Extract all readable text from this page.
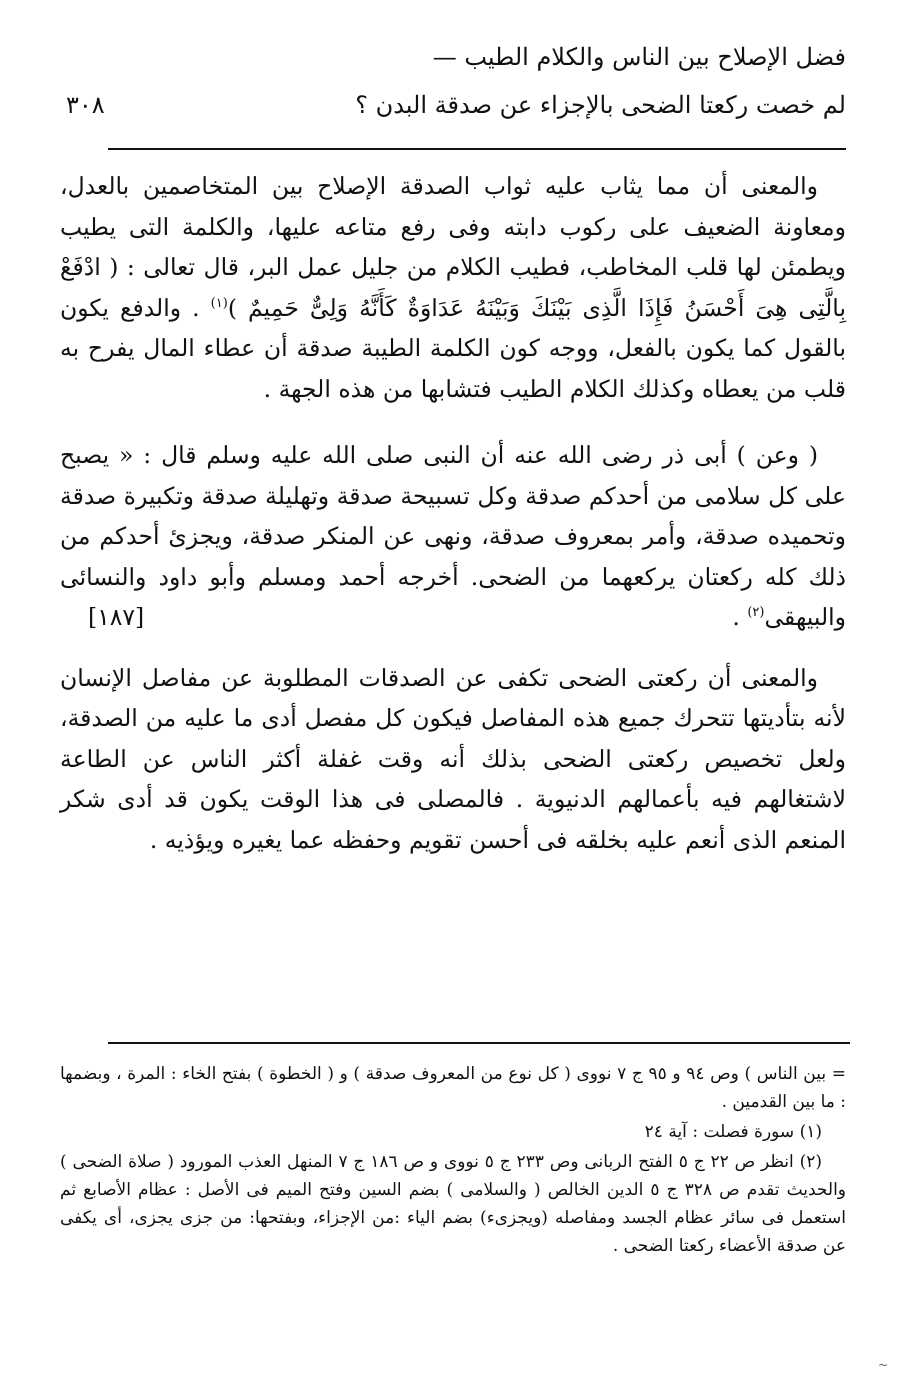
فضل الإصلاح بين الناس والكلام الطيب —
لم خصت ركعتا الضحى بالإجزاء عن صدقة البدن ؟
٣٠٨

والمعنى أن مما يثاب عليه ثواب الصدقة الإصلاح بين المتخاصمين بالعدل، ومعاونة الضعيف على ركوب دابته وفى رفع متاعه عليها، والكلمة التى يطيب ويطمئن لها قلب المخاطب، فطيب الكلام من جليل عمل البر، قال تعالى : ( ادْفَعْ بِالَّتِى هِىَ أَحْسَنُ فَإِذَا الَّذِى بَيْنَكَ وَبَيْنَهُ عَدَاوَةٌ كَأَنَّهُ وَلِىٌّ حَمِيمٌ )$^{(١)}$ . والدفع يكون بالقول كما يكون بالفعل، ووجه كون الكلمة الطيبة صدقة أن عطاء المال يفرح به قلب من يعطاه وكذلك الكلام الطيب فتشابها من هذه الجهة .

( وعن ) أبى ذر رضى الله عنه أن النبى صلى الله عليه وسلم قال : « يصبح على كل سلامى من أحدكم صدقة وكل تسبيحة صدقة وتهليلة صدقة وتكبيرة صدقة وتحميده صدقة، وأمر بمعروف صدقة، ونهى عن المنكر صدقة، ويجزئ أحدكم من ذلك كله ركعتان يركعهما من الضحى. أخرجه أحمد ومسلم وأبو داود والنسائى والبيهقى$^{(٢)}$ .
[١٨٧]

والمعنى أن ركعتى الضحى تكفى عن الصدقات المطلوبة عن مفاصل الإنسان لأنه بتأديتها تتحرك جميع هذه المفاصل فيكون كل مفصل أدى ما عليه من الصدقة، ولعل تخصيص ركعتى الضحى بذلك أنه وقت غفلة أكثر الناس عن الطاعة لاشتغالهم فيه بأعمالهم الدنيوية . فالمصلى فى هذا الوقت يكون قد أدى شكر المنعم الذى أنعم عليه بخلقه فى أحسن تقويم وحفظه عما يغيره ويؤذيه .

= بين الناس ) وص ٩٤ و ٩٥ ج ٧ نووى ( كل نوع من المعروف صدقة ) و ( الخطوة ) بفتح الخاء : المرة ، وبضمها : ما بين القدمين .

(١) سورة فصلت : آية ٢٤

(٢) انظر ص ٢٢ ج ٥ الفتح الربانى وص ٢٣٣ ج ٥ نووى و ص ١٨٦ ج ٧ المنهل العذب المورود ( صلاة الضحى ) والحديث تقدم ص ٣٢٨ ج ٥ الدين الخالص ( والسلامى ) بضم السين وفتح الميم فى الأصل : عظام الأصابع ثم استعمل فى سائر عظام الجسد ومفاصله (ويجزىء) بضم الياء :من الإجزاء، وبفتحها: من جزى يجزى، أى يكفى عن صدقة الأعضاء ركعتا الضحى .

~
